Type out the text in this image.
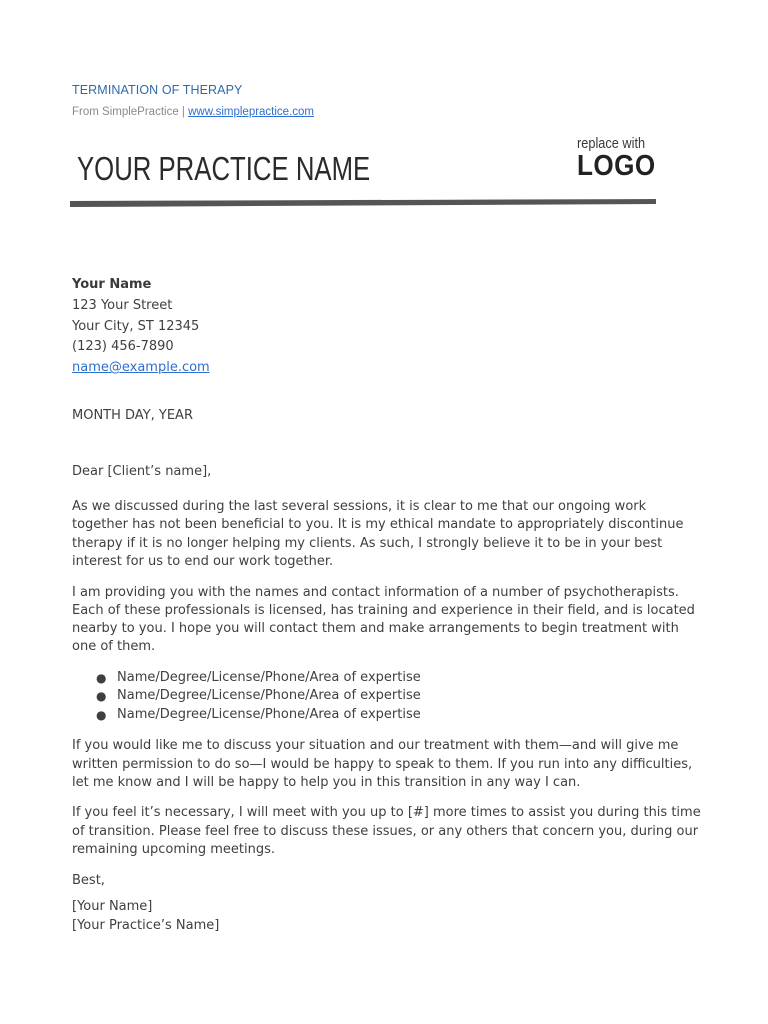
TERMINATION OF THERAPY
From SimplePractice | www.simplepractice.com
YOUR PRACTICE NAME
replace with
LOGO
Your Name
123 Your Street
Your City, ST 12345
(123) 456-7890
name@example.com
MONTH DAY, YEAR

Dear [Client’s name],

As we discussed during the last several sessions, it is clear to me that our ongoing work together has not been beneficial to you. It is my ethical mandate to appropriately discontinue therapy if it is no longer helping my clients. As such, I strongly believe it to be in your best interest for us to end our work together.

I am providing you with the names and contact information of a number of psychotherapists. Each of these professionals is licensed, has training and experience in their field, and is located nearby to you. I hope you will contact them and make arrangements to begin treatment with one of them.

● Name/Degree/License/Phone/Area of expertise
● Name/Degree/License/Phone/Area of expertise
● Name/Degree/License/Phone/Area of expertise

If you would like me to discuss your situation and our treatment with them—and will give me written permission to do so—I would be happy to speak to them. If you run into any difficulties, let me know and I will be happy to help you in this transition in any way I can.

If you feel it’s necessary, I will meet with you up to [#] more times to assist you during this time of transition. Please feel free to discuss these issues, or any others that concern you, during our remaining upcoming meetings.

Best,

[Your Name]
[Your Practice’s Name]
